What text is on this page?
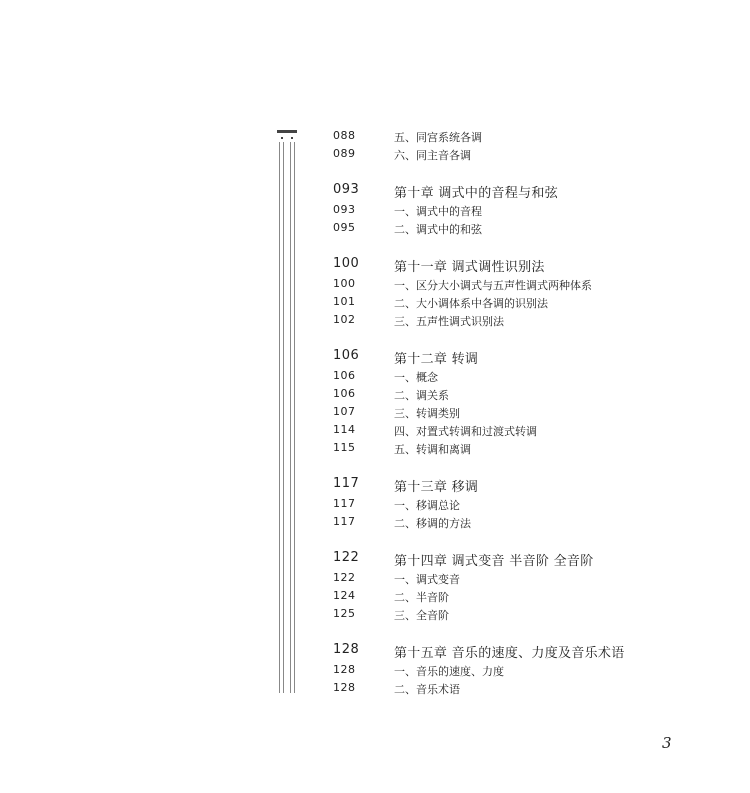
088	五、同宫系统各调
089	六、同主音各调
093	第十章 调式中的音程与和弦
093	一、调式中的音程
095	二、调式中的和弦
100	第十一章 调式调性识别法
100	一、区分大小调式与五声性调式两种体系
101	二、大小调体系中各调的识别法
102	三、五声性调式识别法
106	第十二章 转调
106	一、概念
106	二、调关系
107	三、转调类别
114	四、对置式转调和过渡式转调
115	五、转调和离调
117	第十三章 移调
117	一、移调总论
117	二、移调的方法
122	第十四章 调式变音 半音阶 全音阶
122	一、调式变音
124	二、半音阶
125	三、全音阶
128	第十五章 音乐的速度、力度及音乐术语
128	一、音乐的速度、力度
128	二、音乐术语
3
